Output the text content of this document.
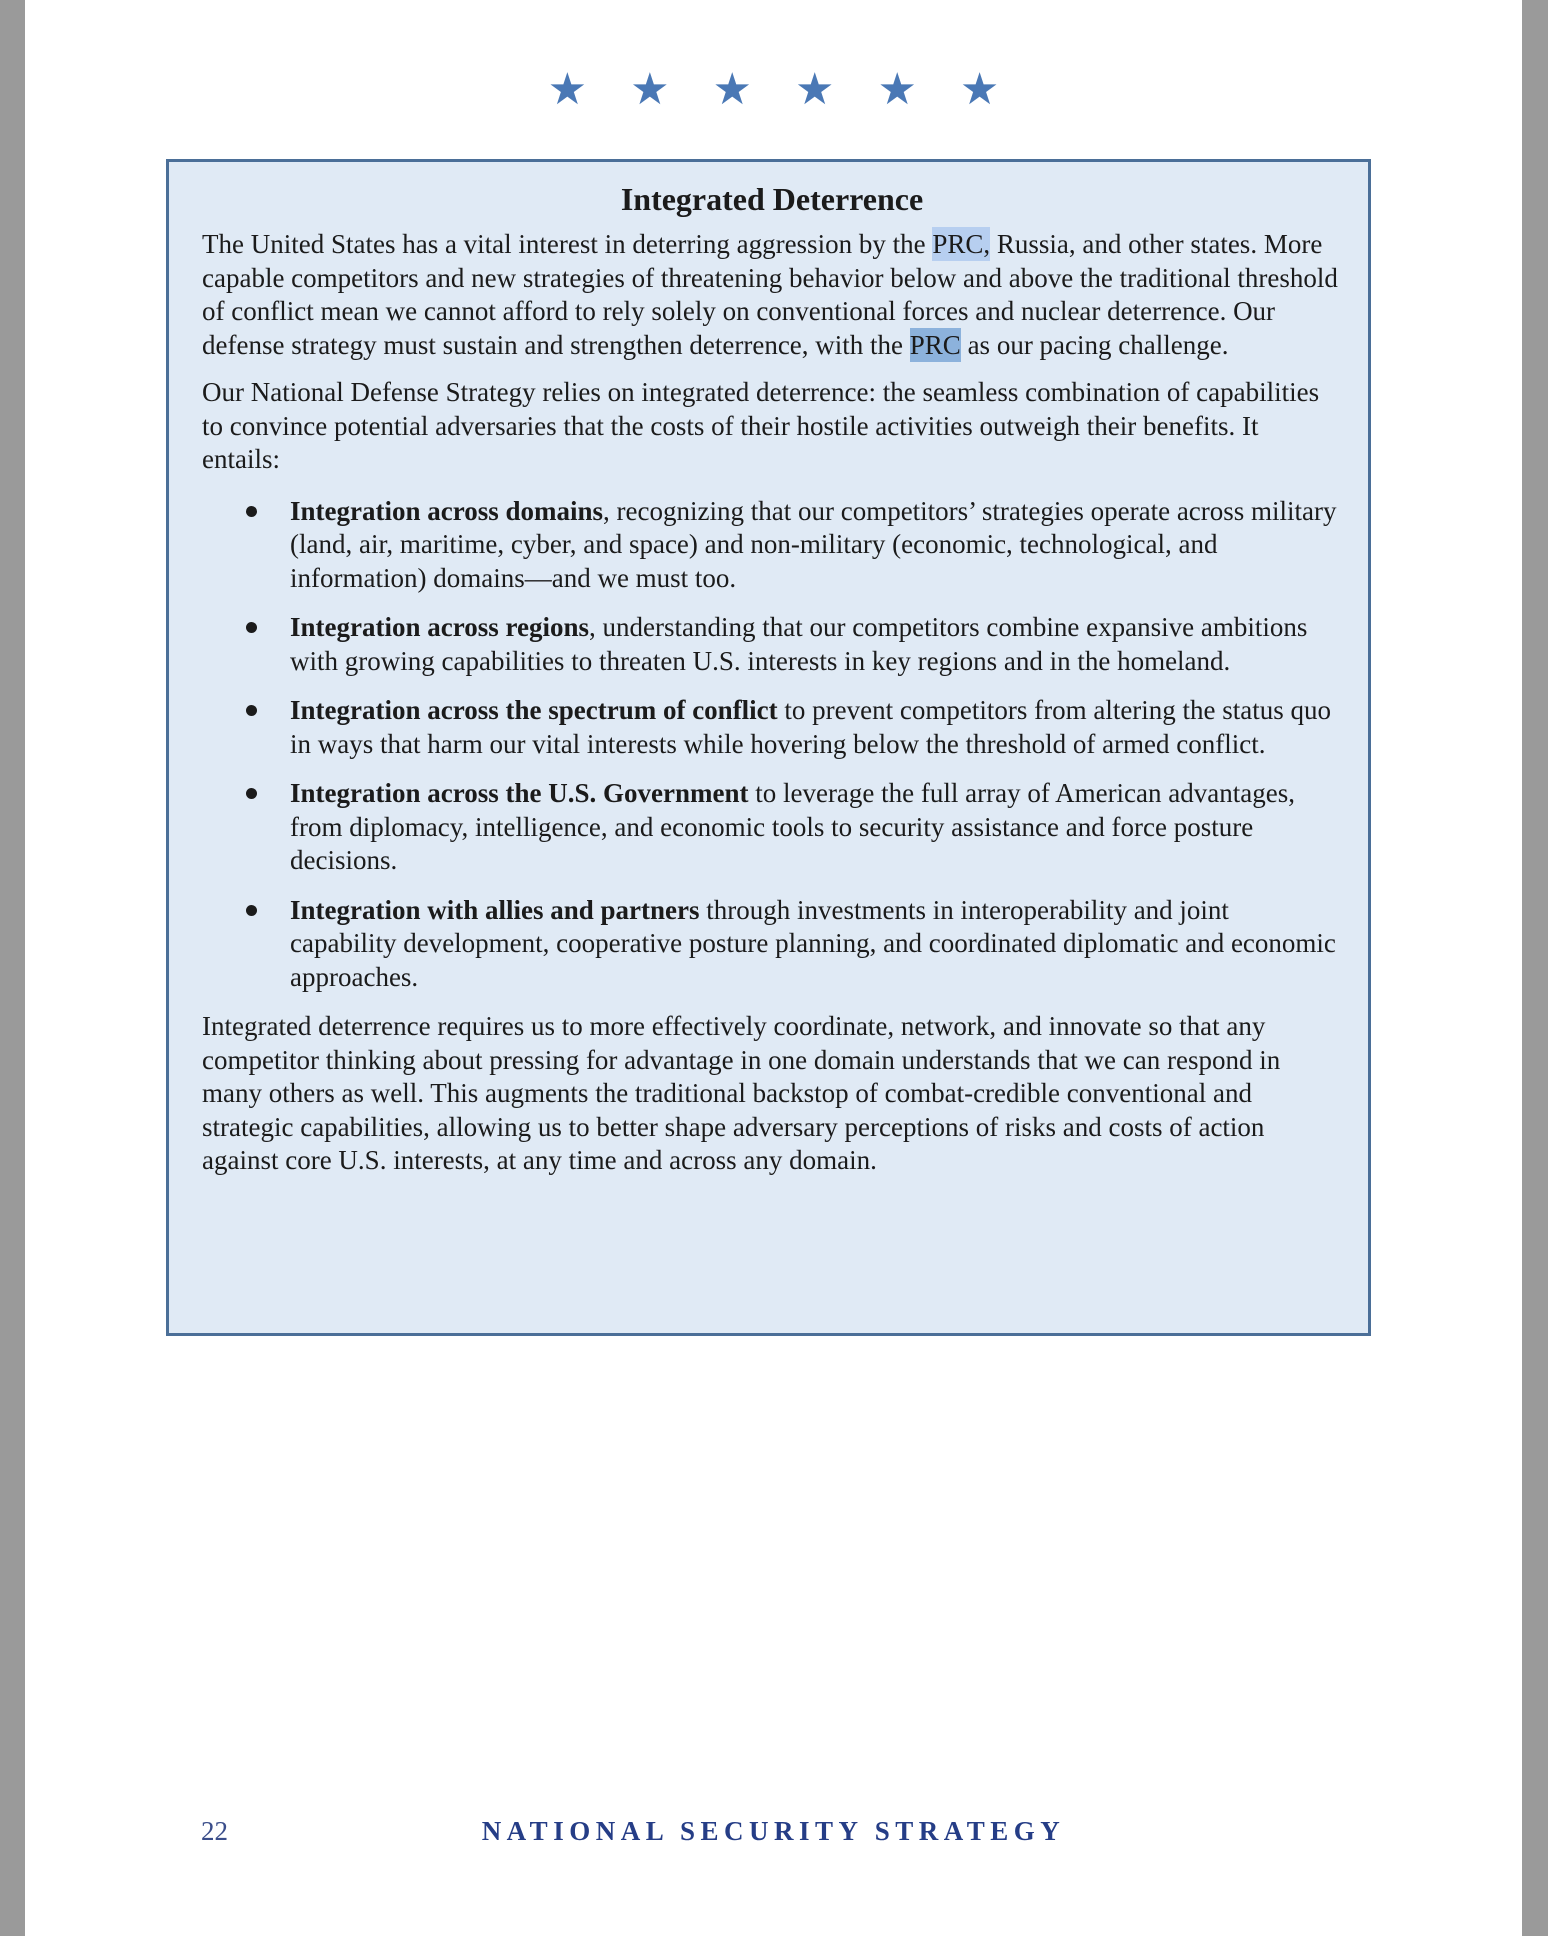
★ ★ ★ ★ ★ ★
Integrated Deterrence

The United States has a vital interest in deterring aggression by the PRC, Russia, and other states. More capable competitors and new strategies of threatening behavior below and above the traditional threshold of conflict mean we cannot afford to rely solely on conventional forces and nuclear deterrence. Our defense strategy must sustain and strengthen deterrence, with the PRC as our pacing challenge.

Our National Defense Strategy relies on integrated deterrence: the seamless combination of capabilities to convince potential adversaries that the costs of their hostile activities outweigh their benefits. It entails:

Integration across domains, recognizing that our competitors’ strategies operate across military (land, air, maritime, cyber, and space) and non-military (economic, technological, and information) domains—and we must too.
Integration across regions, understanding that our competitors combine expansive ambitions with growing capabilities to threaten U.S. interests in key regions and in the homeland.
Integration across the spectrum of conflict to prevent competitors from altering the status quo in ways that harm our vital interests while hovering below the threshold of armed conflict.
Integration across the U.S. Government to leverage the full array of American advantages, from diplomacy, intelligence, and economic tools to security assistance and force posture decisions.
Integration with allies and partners through investments in interoperability and joint capability development, cooperative posture planning, and coordinated diplomatic and economic approaches.

Integrated deterrence requires us to more effectively coordinate, network, and innovate so that any competitor thinking about pressing for advantage in one domain understands that we can respond in many others as well. This augments the traditional backstop of combat-credible conventional and strategic capabilities, allowing us to better shape adversary perceptions of risks and costs of action against core U.S. interests, at any time and across any domain.

22	NATIONAL SECURITY STRATEGY
